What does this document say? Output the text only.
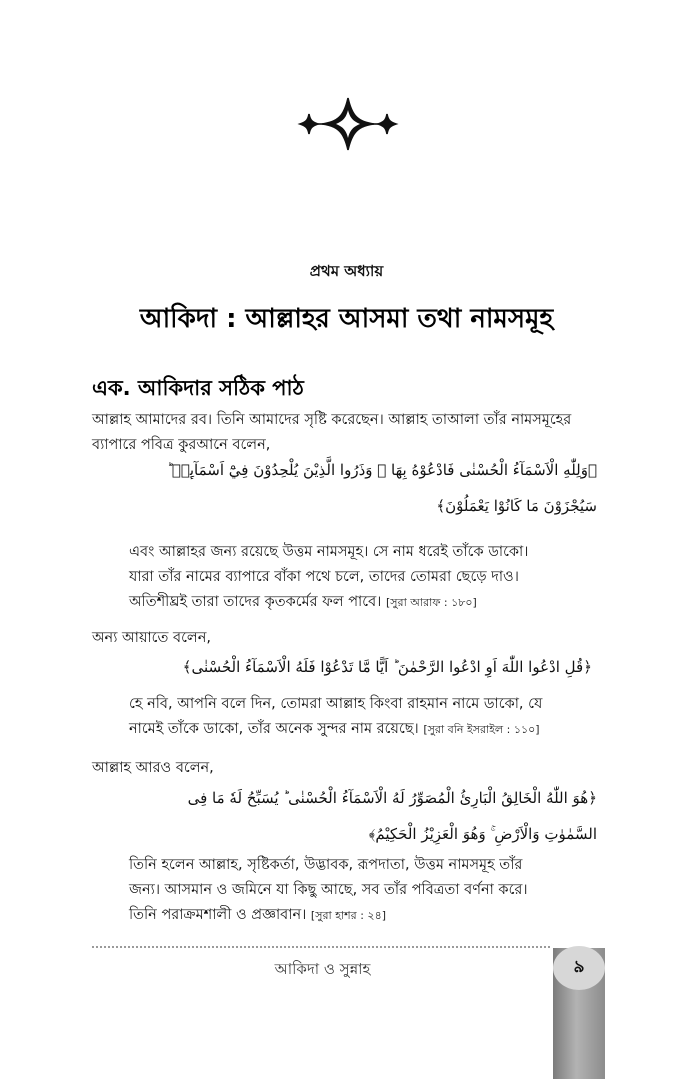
প্রথম অধ্যায়
আকিদা : আল্লাহর আসমা তথা নামসমূহ
এক. আকিদার সঠিক পাঠ
আল্লাহ আমাদের রব। তিনি আমাদের সৃষ্টি করেছেন। আল্লাহ তাআলা তাঁর নামসমূহের
ব্যাপারে পবিত্র কুরআনে বলেন,
﴿وَلِلّٰهِ الْاَسْمَآءُ الْحُسْنٰى فَادْعُوْهُ بِهَا ۪ وَذَرُوا الَّذِيْنَ يُلْحِدُوْنَ فِيْٓ اَسْمَآىِٕهٖ ؕ
سَيُجْزَوْنَ مَا كَانُوْا يَعْمَلُوْنَ﴾
এবং আল্লাহর জন্য রয়েছে উত্তম নামসমূহ। সে নাম ধরেই তাঁকে ডাকো।
যারা তাঁর নামের ব্যাপারে বাঁকা পথে চলে, তাদের তোমরা ছেড়ে দাও।
অতিশীঘ্রই তারা তাদের কৃতকর্মের ফল পাবে। [সুরা আরাফ : ১৮০]
অন্য আয়াতে বলেন,
﴿قُلِ ادْعُوا اللّٰهَ اَوِ ادْعُوا الرَّحْمٰنَ ؕ اَيًّا مَّا تَدْعُوْا فَلَهُ الْاَسْمَآءُ الْحُسْنٰى﴾
হে নবি, আপনি বলে দিন, তোমরা আল্লাহ কিংবা রাহমান নামে ডাকো, যে
নামেই তাঁকে ডাকো, তাঁর অনেক সুন্দর নাম রয়েছে। [সুরা বনি ইসরাইল : ১১০]
আল্লাহ আরও বলেন,
﴿هُوَ اللّٰهُ الْخَالِقُ الْبَارِئُ الْمُصَوِّرُ لَهُ الْاَسْمَآءُ الْحُسْنٰى ؕ يُسَبِّحُ لَهٗ مَا فِى
السَّمٰوٰتِ وَالْاَرْضِ ۚ وَهُوَ الْعَزِيْزُ الْحَكِيْمُ﴾
তিনি হলেন আল্লাহ, সৃষ্টিকর্তা, উদ্ভাবক, রূপদাতা, উত্তম নামসমূহ তাঁর
জন্য। আসমান ও জমিনে যা কিছু আছে, সব তাঁর পবিত্রতা বর্ণনা করে।
তিনি পরাক্রমশালী ও প্রজ্ঞাবান। [সুরা হাশর : ২৪]
আকিদা ও সুন্নাহ	৯
